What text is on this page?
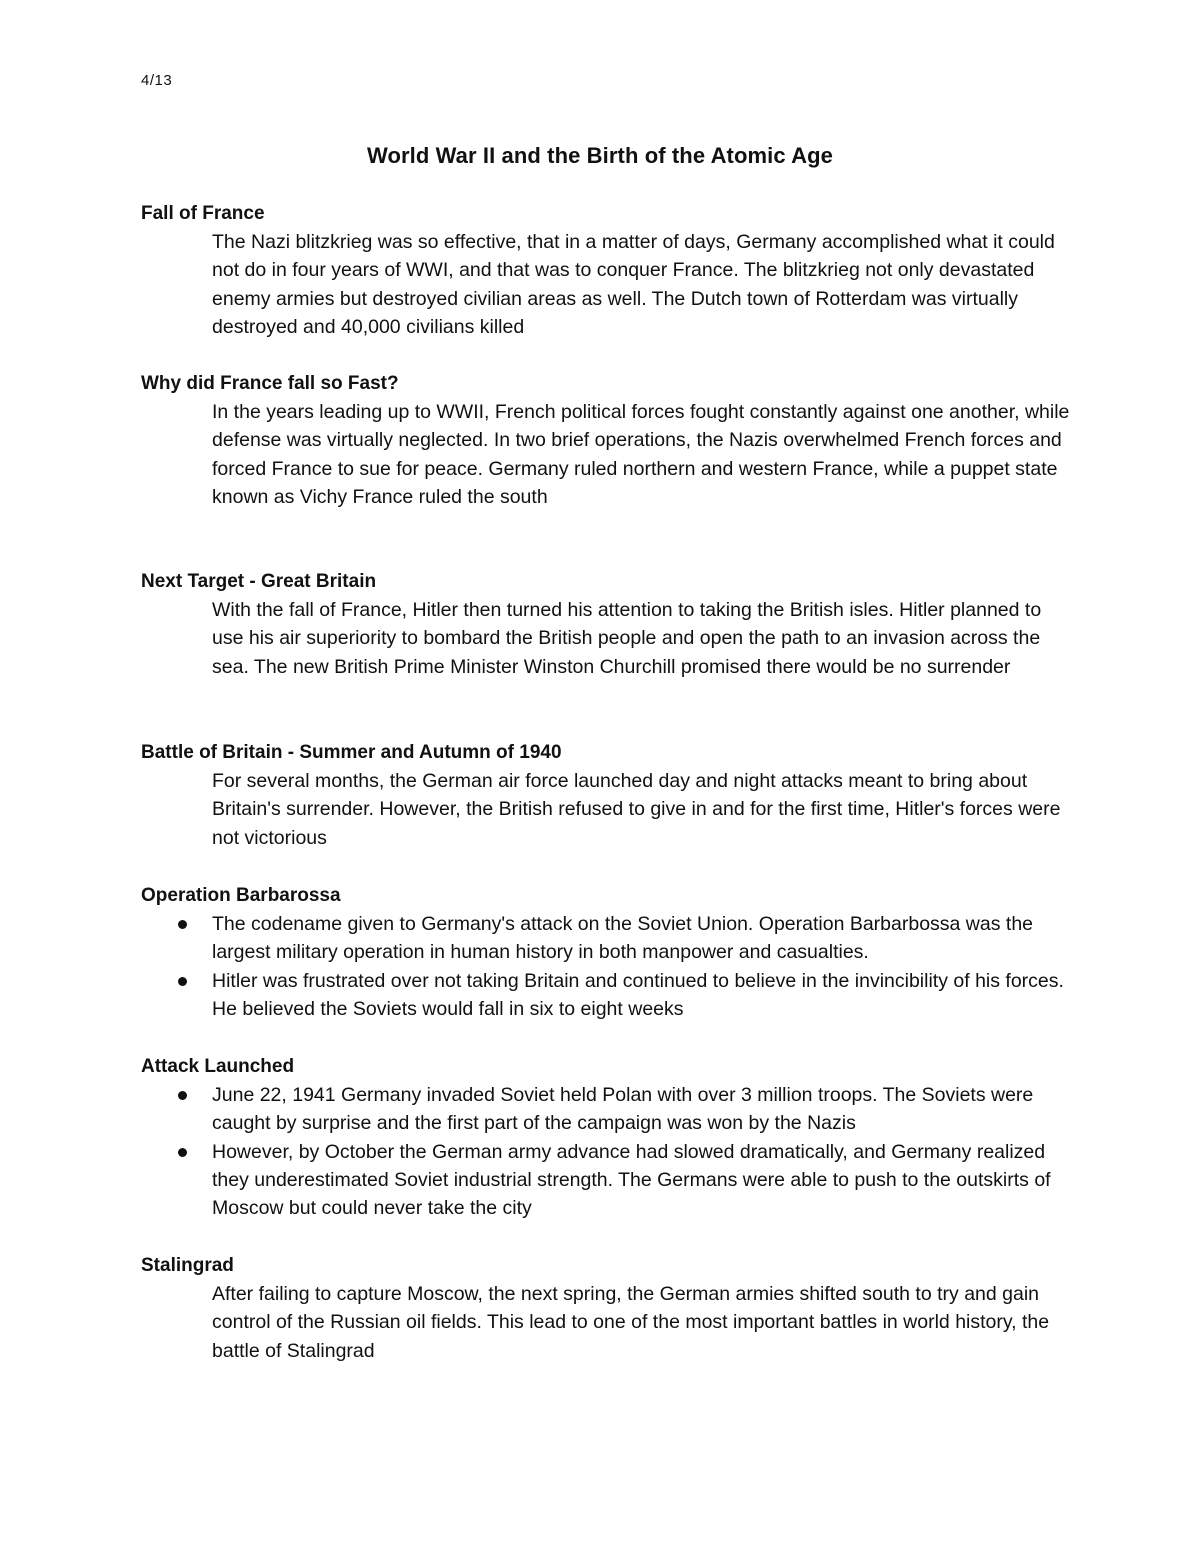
4/13
World War II and the Birth of the Atomic Age
Fall of France
The Nazi blitzkrieg was so effective, that in a matter of days, Germany accomplished what it could not do in four years of WWI, and that was to conquer France. The blitzkrieg not only devastated enemy armies but destroyed civilian areas as well. The Dutch town of Rotterdam was virtually destroyed and 40,000 civilians killed
Why did France fall so Fast?
In the years leading up to WWII, French political forces fought constantly against one another, while defense was virtually neglected. In two brief operations, the Nazis overwhelmed French forces and forced France to sue for peace. Germany ruled northern and western France, while a puppet state known as Vichy France ruled the south
Next Target - Great Britain
With the fall of France, Hitler then turned his attention to taking the British isles. Hitler planned to use his air superiority to bombard the British people and open the path to an invasion across the sea. The new British Prime Minister Winston Churchill promised there would be no surrender
Battle of Britain - Summer and Autumn of 1940
For several months, the German air force launched day and night attacks meant to bring about Britain's surrender. However, the British refused to give in and for the first time, Hitler's forces were not victorious
Operation Barbarossa
The codename given to Germany's attack on the Soviet Union. Operation Barbarbossa was the largest military operation in human history in both manpower and casualties.
Hitler was frustrated over not taking Britain and continued to believe in the invincibility of his forces. He believed the Soviets would fall in six to eight weeks
Attack Launched
June 22, 1941 Germany invaded Soviet held Polan with over 3 million troops. The Soviets were caught by surprise and the first part of the campaign was won by the Nazis
However, by October the German army advance had slowed dramatically, and Germany realized they underestimated Soviet industrial strength. The Germans were able to push to the outskirts of Moscow but could never take the city
Stalingrad
After failing to capture Moscow, the next spring, the German armies shifted south to try and gain control of the Russian oil fields. This lead to one of the most important battles in world history, the battle of Stalingrad
